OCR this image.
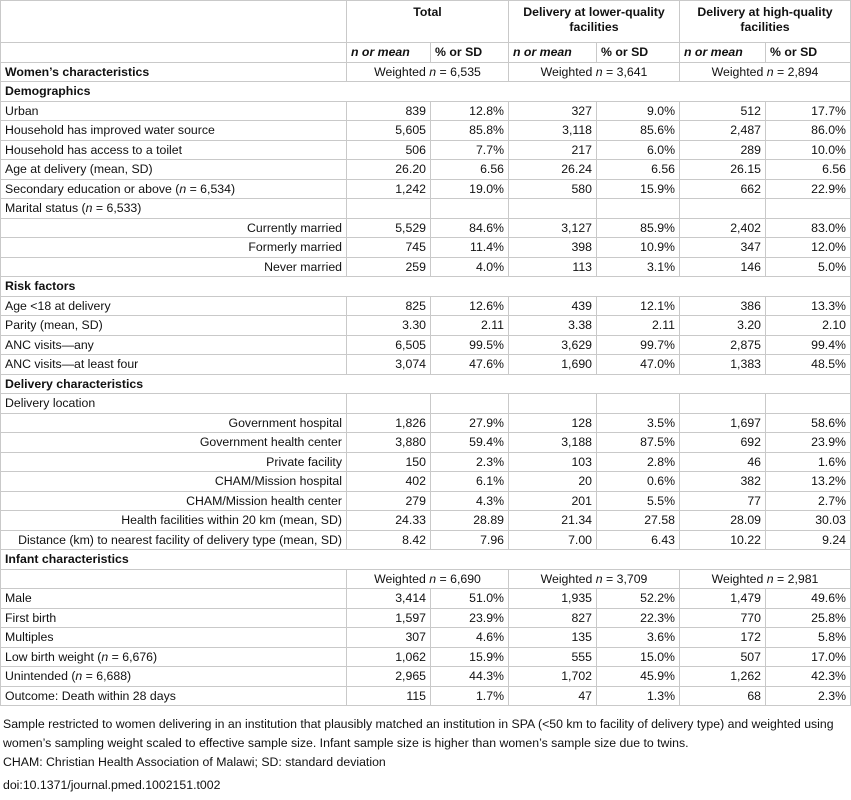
	Total		Delivery at lower-quality facilities		Delivery at high-quality facilities	
	n or mean	% or SD	n or mean	% or SD	n or mean	% or SD
Women’s characteristics	Weighted n = 6,535		Weighted n = 3,641		Weighted n = 2,894	
Demographics						
Urban	839	12.8%	327	9.0%	512	17.7%
Household has improved water source	5,605	85.8%	3,118	85.6%	2,487	86.0%
Household has access to a toilet	506	7.7%	217	6.0%	289	10.0%
Age at delivery (mean, SD)	26.20	6.56	26.24	6.56	26.15	6.56
Secondary education or above (n = 6,534)	1,242	19.0%	580	15.9%	662	22.9%
Marital status (n = 6,533)						
Currently married	5,529	84.6%	3,127	85.9%	2,402	83.0%
Formerly married	745	11.4%	398	10.9%	347	12.0%
Never married	259	4.0%	113	3.1%	146	5.0%
Risk factors						
Age <18 at delivery	825	12.6%	439	12.1%	386	13.3%
Parity (mean, SD)	3.30	2.11	3.38	2.11	3.20	2.10
ANC visits—any	6,505	99.5%	3,629	99.7%	2,875	99.4%
ANC visits—at least four	3,074	47.6%	1,690	47.0%	1,383	48.5%
Delivery characteristics						
Delivery location						
Government hospital	1,826	27.9%	128	3.5%	1,697	58.6%
Government health center	3,880	59.4%	3,188	87.5%	692	23.9%
Private facility	150	2.3%	103	2.8%	46	1.6%
CHAM/Mission hospital	402	6.1%	20	0.6%	382	13.2%
CHAM/Mission health center	279	4.3%	201	5.5%	77	2.7%
Health facilities within 20 km (mean, SD)	24.33	28.89	21.34	27.58	28.09	30.03
Distance (km) to nearest facility of delivery type (mean, SD)	8.42	7.96	7.00	6.43	10.22	9.24
Infant characteristics						
	Weighted n = 6,690		Weighted n = 3,709		Weighted n = 2,981	
Male	3,414	51.0%	1,935	52.2%	1,479	49.6%
First birth	1,597	23.9%	827	22.3%	770	25.8%
Multiples	307	4.6%	135	3.6%	172	5.8%
Low birth weight (n = 6,676)	1,062	15.9%	555	15.0%	507	17.0%
Unintended (n = 6,688)	2,965	44.3%	1,702	45.9%	1,262	42.3%
Outcome: Death within 28 days	115	1.7%	47	1.3%	68	2.3%

Sample restricted to women delivering in an institution that plausibly matched an institution in SPA (<50 km to facility of delivery type) and weighted using women’s sampling weight scaled to effective sample size. Infant sample size is higher than women’s sample size due to twins.
CHAM: Christian Health Association of Malawi; SD: standard deviation

doi:10.1371/journal.pmed.1002151.t002
